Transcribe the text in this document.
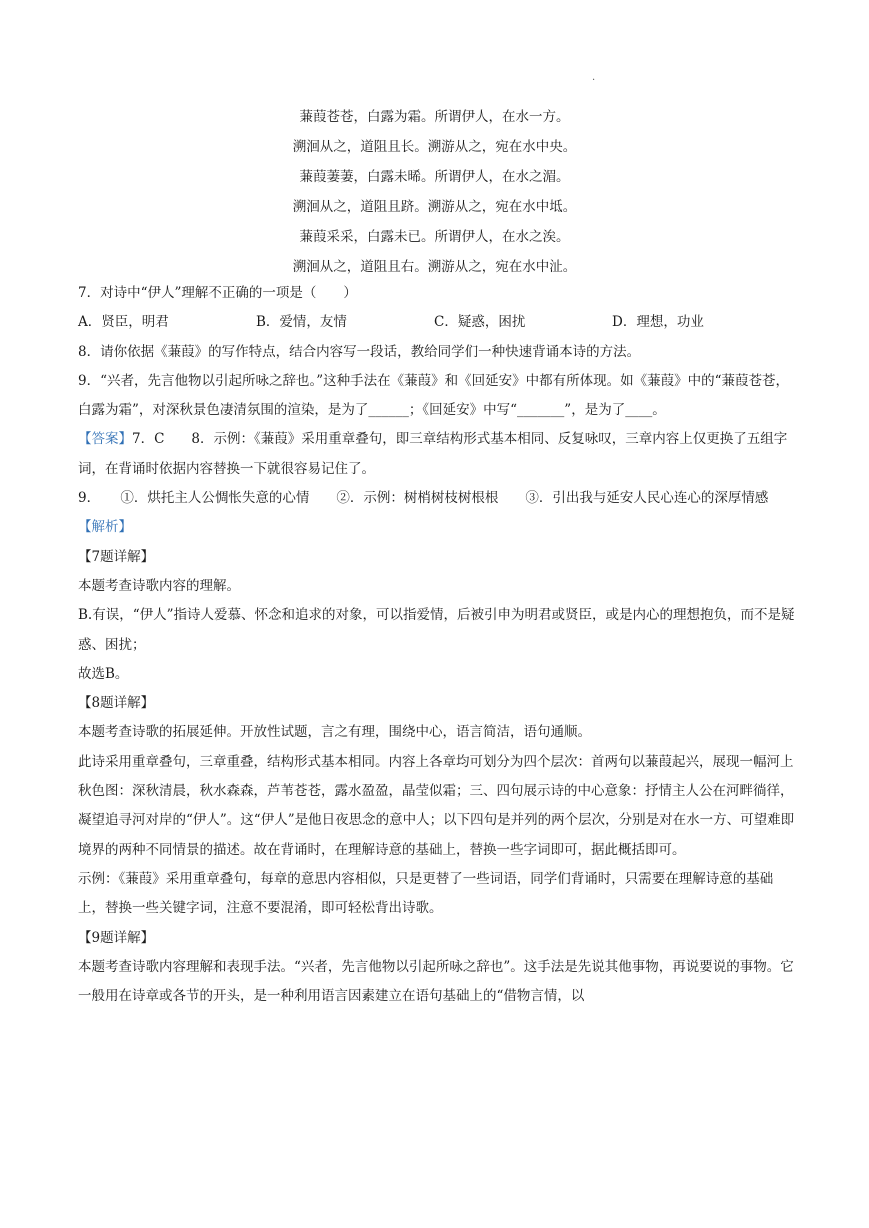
.
蒹葭苍苍，白露为霜。所谓伊人，在水一方。
溯洄从之，道阻且长。溯游从之，宛在水中央。
蒹葭萋萋，白露未晞。所谓伊人，在水之湄。
溯洄从之，道阻且跻。溯游从之，宛在水中坻。
蒹葭采采，白露未已。所谓伊人，在水之涘。
溯洄从之，道阻且右。溯游从之，宛在水中沚。
7．对诗中“伊人”理解不正确的一项是（　　）
A．贤臣，明君	B．爱情，友情	C．疑惑，困扰	D．理想，功业
8．请你依据《蒹葭》的写作特点，结合内容写一段话，教给同学们一种快速背诵本诗的方法。
9．“兴者，先言他物以引起所咏之辞也。”这种手法在《蒹葭》和《回延安》中都有所体现。如《蒹葭》中的“蒹葭苍苍，白露为霜”，对深秋景色凄清氛围的渲染，是为了______；《回延安》中写“_______”，是为了____。
【答案】7．C　　8．示例：《蒹葭》采用重章叠句，即三章结构形式基本相同、反复咏叹，三章内容上仅更换了五组字词，在背诵时依据内容替换一下就很容易记住了。
9．　　①．烘托主人公惆怅失意的心情　　②．示例：树梢树枝树根根　　③．引出我与延安人民心连心的深厚情感
【解析】
【7题详解】
本题考查诗歌内容的理解。
B.有误，“伊人”指诗人爱慕、怀念和追求的对象，可以指爱情，后被引申为明君或贤臣，或是内心的理想抱负，而不是疑惑、困扰；
故选B。
【8题详解】
本题考查诗歌的拓展延伸。开放性试题，言之有理，围绕中心，语言简洁，语句通顺。
此诗采用重章叠句，三章重叠，结构形式基本相同。内容上各章均可划分为四个层次：首两句以蒹葭起兴，展现一幅河上秋色图：深秋清晨，秋水森森，芦苇苍苍，露水盈盈，晶莹似霜；三、四句展示诗的中心意象：抒情主人公在河畔徜徉，凝望追寻河对岸的“伊人”。这“伊人”是他日夜思念的意中人；以下四句是并列的两个层次，分别是对在水一方、可望难即境界的两种不同情景的描述。故在背诵时，在理解诗意的基础上，替换一些字词即可，据此概括即可。
示例：《蒹葭》采用重章叠句，每章的意思内容相似，只是更替了一些词语，同学们背诵时，只需要在理解诗意的基础上，替换一些关键字词，注意不要混淆，即可轻松背出诗歌。
【9题详解】
本题考查诗歌内容理解和表现手法。“兴者，先言他物以引起所咏之辞也”。这手法是先说其他事物，再说要说的事物。它一般用在诗章或各节的开头，是一种利用语言因素建立在语句基础上的“借物言情，以
